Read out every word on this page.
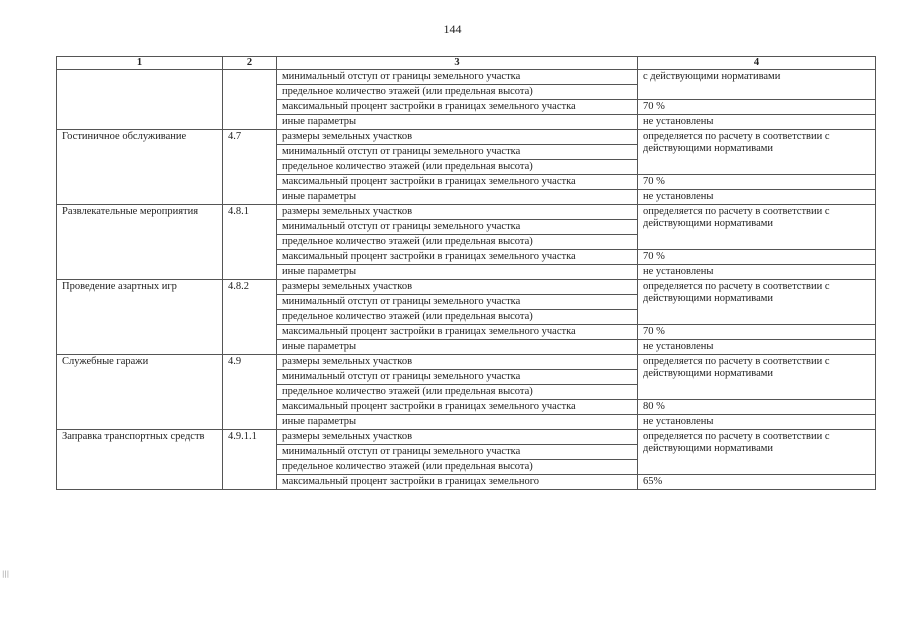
144
1	2	3	4
		минимальный отступ от границы земельного участка	с действующими нормативами
		предельное количество этажей (или предельная высота)	
		максимальный процент застройки в границах земельного участка	70 %
		иные параметры	не установлены
Гостиничное обслуживание	4.7	размеры земельных участков	определяется по расчету в соответствии с действующими нормативами
		минимальный отступ от границы земельного участка	
		предельное количество этажей (или предельная высота)	
		максимальный процент застройки в границах земельного участка	70 %
		иные параметры	не установлены
Развлекательные мероприятия	4.8.1	размеры земельных участков	определяется по расчету в соответствии с действующими нормативами
		минимальный отступ от границы земельного участка	
		предельное количество этажей (или предельная высота)	
		максимальный процент застройки в границах земельного участка	70 %
		иные параметры	не установлены
Проведение азартных игр	4.8.2	размеры земельных участков	определяется по расчету в соответствии с действующими нормативами
		минимальный отступ от границы земельного участка	
		предельное количество этажей (или предельная высота)	
		максимальный процент застройки в границах земельного участка	70 %
		иные параметры	не установлены
Служебные гаражи	4.9	размеры земельных участков	определяется по расчету в соответствии с действующими нормативами
		минимальный отступ от границы земельного участка	
		предельное количество этажей (или предельная высота)	
		максимальный процент застройки в границах земельного участка	80 %
		иные параметры	не установлены
Заправка транспортных средств	4.9.1.1	размеры земельных участков	определяется по расчету в соответствии с действующими нормативами
		минимальный отступ от границы земельного участка	
		предельное количество этажей (или предельная высота)	
		максимальный процент застройки в границах земельного	65%
|||
